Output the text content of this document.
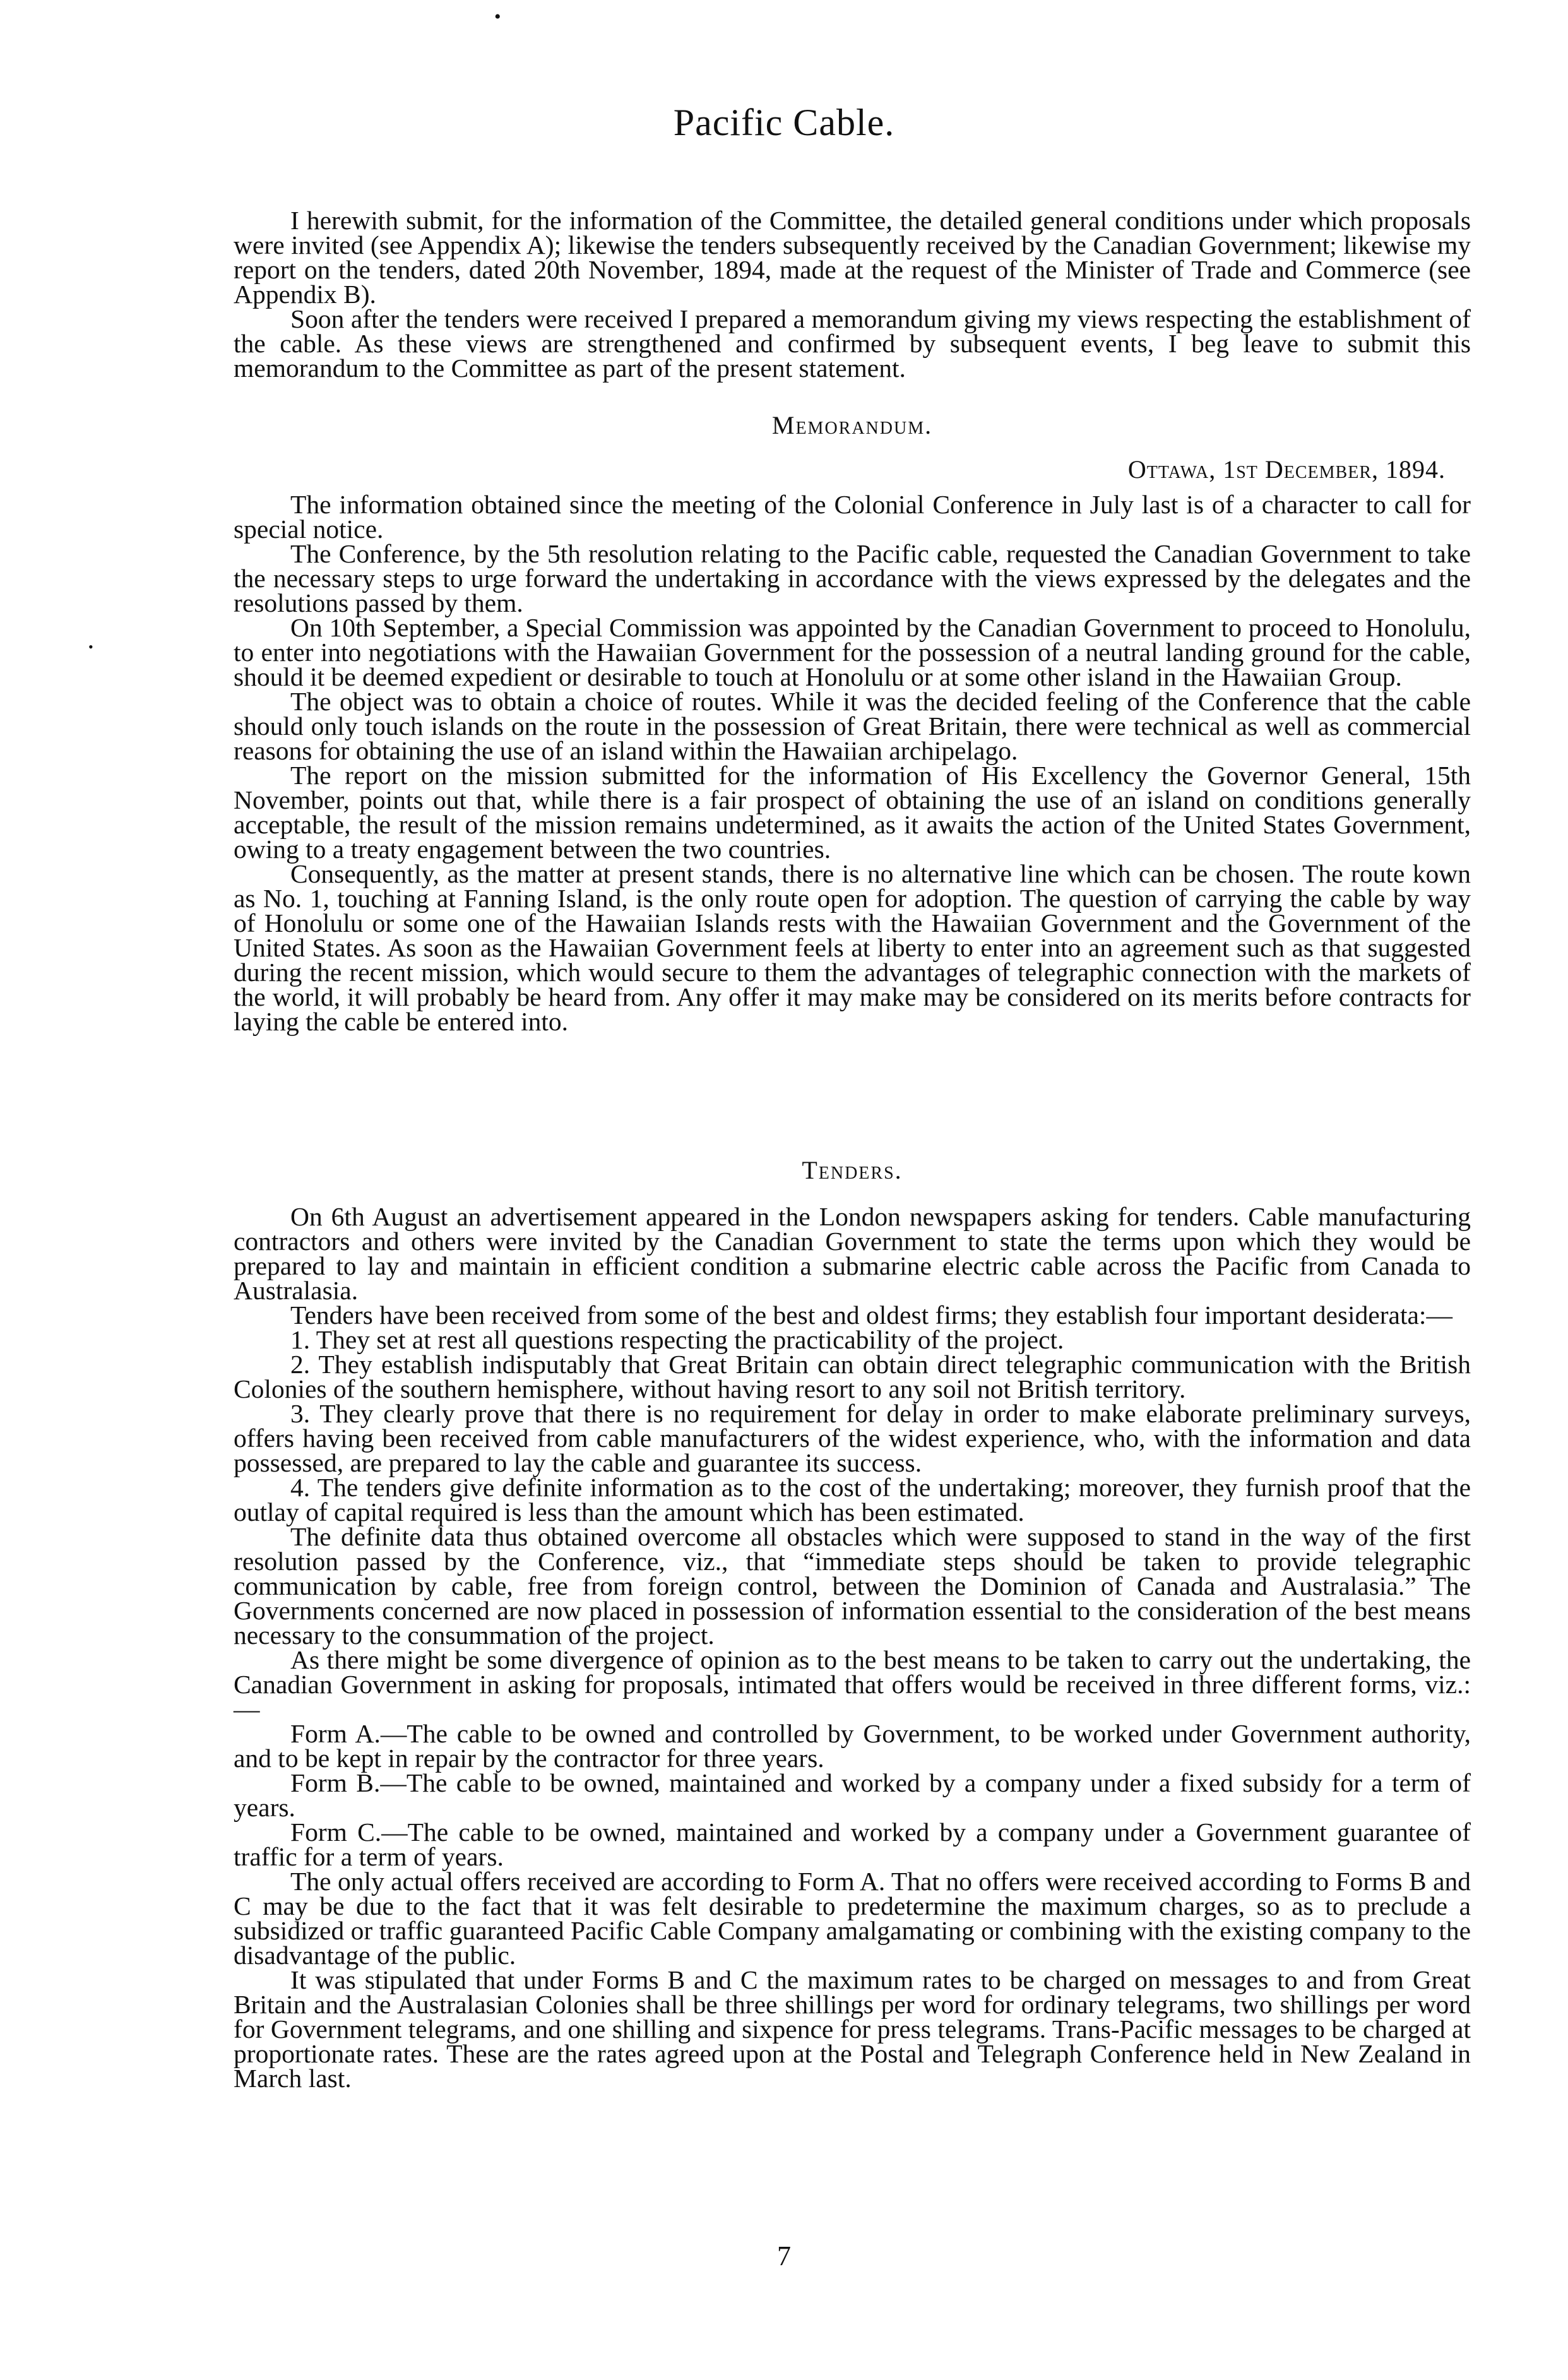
•
•
Pacific Cable.

I herewith submit, for the information of the Committee, the detailed general conditions under which proposals were invited (see Appendix A); likewise the tenders subsequently received by the Canadian Government; likewise my report on the tenders, dated 20th November, 1894, made at the request of the Minister of Trade and Commerce (see Appendix B).

Soon after the tenders were received I prepared a memorandum giving my views respecting the establishment of the cable. As these views are strengthened and confirmed by subsequent events, I beg leave to submit this memorandum to the Committee as part of the present statement.

Memorandum.
Ottawa, 1st December, 1894.

The information obtained since the meeting of the Colonial Conference in July last is of a character to call for special notice.

The Conference, by the 5th resolution relating to the Pacific cable, requested the Canadian Government to take the necessary steps to urge forward the undertaking in accordance with the views expressed by the delegates and the resolutions passed by them.

On 10th September, a Special Commission was appointed by the Canadian Government to proceed to Honolulu, to enter into negotiations with the Hawaiian Government for the possession of a neutral landing ground for the cable, should it be deemed expedient or desirable to touch at Honolulu or at some other island in the Hawaiian Group.

The object was to obtain a choice of routes. While it was the decided feeling of the Conference that the cable should only touch islands on the route in the possession of Great Britain, there were technical as well as commercial reasons for obtaining the use of an island within the Hawaiian archipelago.

The report on the mission submitted for the information of His Excellency the Governor General, 15th November, points out that, while there is a fair prospect of obtaining the use of an island on conditions generally acceptable, the result of the mission remains undetermined, as it awaits the action of the United States Government, owing to a treaty engagement between the two countries.

Consequently, as the matter at present stands, there is no alternative line which can be chosen. The route kown as No. 1, touching at Fanning Island, is the only route open for adoption. The question of carrying the cable by way of Honolulu or some one of the Hawaiian Islands rests with the Hawaiian Government and the Government of the United States. As soon as the Hawaiian Government feels at liberty to enter into an agreement such as that suggested during the recent mission, which would secure to them the advantages of telegraphic connection with the markets of the world, it will probably be heard from. Any offer it may make may be considered on its merits before contracts for laying the cable be entered into.

Tenders.

On 6th August an advertisement appeared in the London newspapers asking for tenders. Cable manufacturing contractors and others were invited by the Canadian Government to state the terms upon which they would be prepared to lay and maintain in efficient condition a submarine electric cable across the Pacific from Canada to Australasia.

Tenders have been received from some of the best and oldest firms; they establish four important desiderata:—

1. They set at rest all questions respecting the practicability of the project.

2. They establish indisputably that Great Britain can obtain direct telegraphic communication with the British Colonies of the southern hemisphere, without having resort to any soil not British territory.

3. They clearly prove that there is no requirement for delay in order to make elaborate preliminary surveys, offers having been received from cable manufacturers of the widest experience, who, with the information and data possessed, are prepared to lay the cable and guarantee its success.

4. The tenders give definite information as to the cost of the undertaking; moreover, they furnish proof that the outlay of capital required is less than the amount which has been estimated.

The definite data thus obtained overcome all obstacles which were supposed to stand in the way of the first resolution passed by the Conference, viz., that “immediate steps should be taken to provide telegraphic communication by cable, free from foreign control, between the Dominion of Canada and Australasia.” The Governments concerned are now placed in possession of information essential to the consideration of the best means necessary to the consummation of the project.

As there might be some divergence of opinion as to the best means to be taken to carry out the undertaking, the Canadian Government in asking for proposals, intimated that offers would be received in three different forms, viz.:—

Form A.—The cable to be owned and controlled by Government, to be worked under Government authority, and to be kept in repair by the contractor for three years.

Form B.—The cable to be owned, maintained and worked by a company under a fixed subsidy for a term of years.

Form C.—The cable to be owned, maintained and worked by a company under a Government guarantee of traffic for a term of years.

The only actual offers received are according to Form A. That no offers were received according to Forms B and C may be due to the fact that it was felt desirable to predetermine the maximum charges, so as to preclude a subsidized or traffic guaranteed Pacific Cable Company amalgamating or combining with the existing company to the disadvantage of the public.

It was stipulated that under Forms B and C the maximum rates to be charged on messages to and from Great Britain and the Australasian Colonies shall be three shillings per word for ordinary telegrams, two shillings per word for Government telegrams, and one shilling and sixpence for press telegrams. Trans-Pacific messages to be charged at proportionate rates. These are the rates agreed upon at the Postal and Telegraph Conference held in New Zealand in March last.

7
